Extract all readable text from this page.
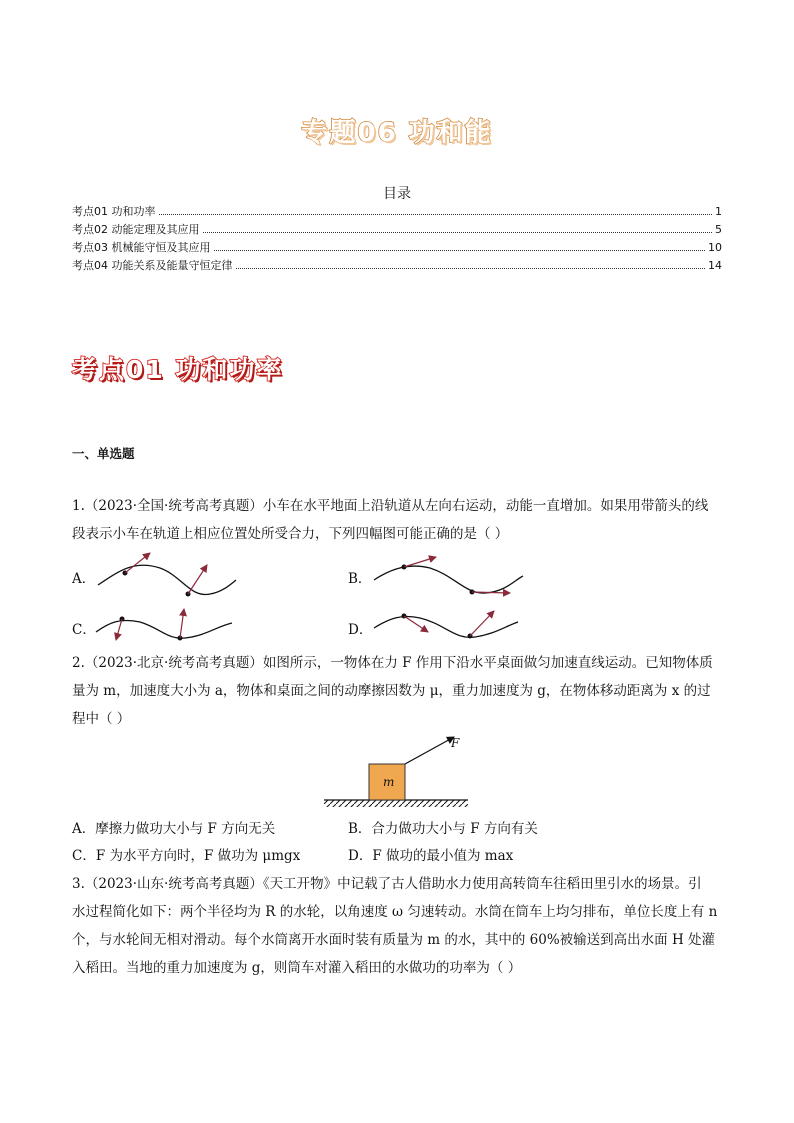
专题06 功和能
目录
考点01 功和功率	1
考点02 动能定理及其应用	5
考点03 机械能守恒及其应用	10
考点04 功能关系及能量守恒定律	14
考点01 功和功率
一、单选题
1.（2023·全国·统考高考真题）小车在水平地面上沿轨道从左向右运动，动能一直增加。如果用带箭头的线
段表示小车在轨道上相应位置处所受合力，下列四幅图可能正确的是（ ）
A．	B．
C．	D．
2.（2023·北京·统考高考真题）如图所示，一物体在力 F 作用下沿水平桌面做匀加速直线运动。已知物体质
量为 m，加速度大小为 a，物体和桌面之间的动摩擦因数为 μ，重力加速度为 g，在物体移动距离为 x 的过
程中（ ）
F
m
A．摩擦力做功大小与 F 方向无关	B．合力做功大小与 F 方向有关
C．F 为水平方向时，F 做功为 μmgx	D．F 做功的最小值为 max
3.（2023·山东·统考高考真题）《天工开物》中记载了古人借助水力使用高转筒车往稻田里引水的场景。引
水过程简化如下：两个半径均为 R 的水轮，以角速度 ω 匀速转动。水筒在筒车上均匀排布，单位长度上有 n
个，与水轮间无相对滑动。每个水筒离开水面时装有质量为 m 的水，其中的 60%被输送到高出水面 H 处灌
入稻田。当地的重力加速度为 g，则筒车对灌入稻田的水做功的功率为（ ）
